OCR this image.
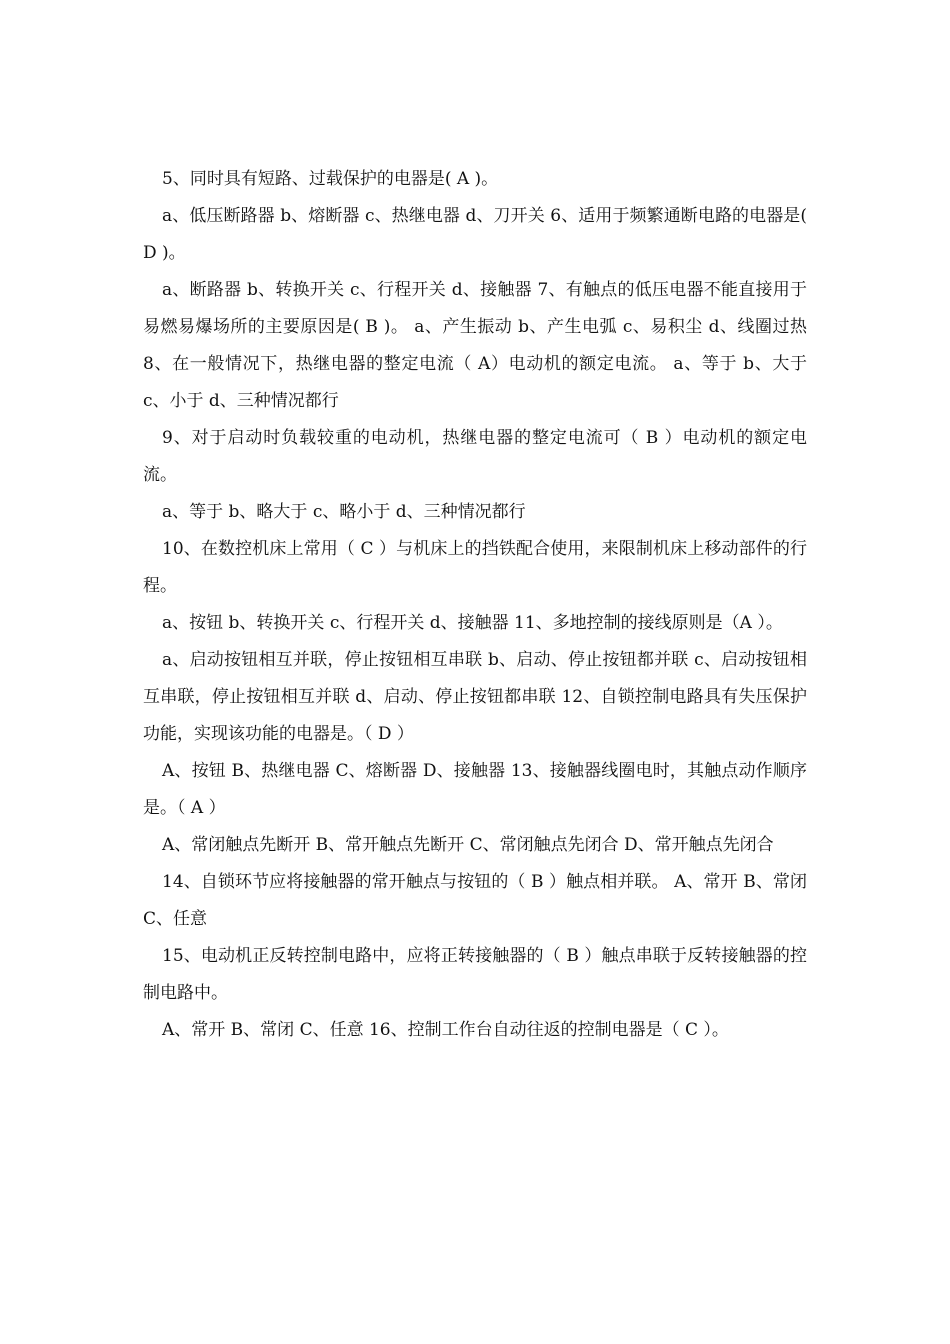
5、同时具有短路、过载保护的电器是( A )。

a、低压断路器 b、熔断器 c、热继电器 d、刀开关 6、适用于频繁通断电路的电器是( D )。

a、断路器 b、转换开关 c、行程开关 d、接触器 7、有触点的低压电器不能直接用于易燃易爆场所的主要原因是( B )。 a、产生振动 b、产生电弧 c、易积尘 d、线圈过热 8、在一般情况下，热继电器的整定电流（ A）电动机的额定电流。 a、等于 b、大于 c、小于 d、三种情况都行

9、对于启动时负载较重的电动机，热继电器的整定电流可（ B ）电动机的额定电流。

a、等于 b、略大于 c、略小于 d、三种情况都行

10、在数控机床上常用（ C ）与机床上的挡铁配合使用，来限制机床上移动部件的行程。

a、按钮 b、转换开关 c、行程开关 d、接触器 11、多地控制的接线原则是（A ）。

a、启动按钮相互并联，停止按钮相互串联 b、启动、停止按钮都并联 c、启动按钮相互串联，停止按钮相互并联 d、启动、停止按钮都串联 12、自锁控制电路具有失压保护功能，实现该功能的电器是。（ D ）

A、按钮 B、热继电器 C、熔断器 D、接触器 13、接触器线圈电时，其触点动作顺序是。（ A ）

A、常闭触点先断开 B、常开触点先断开 C、常闭触点先闭合 D、常开触点先闭合

14、自锁环节应将接触器的常开触点与按钮的（ B ）触点相并联。 A、常开 B、常闭 C、任意

15、电动机正反转控制电路中，应将正转接触器的（ B ）触点串联于反转接触器的控制电路中。

A、常开 B、常闭 C、任意 16、控制工作台自动往返的控制电器是（ C ）。
